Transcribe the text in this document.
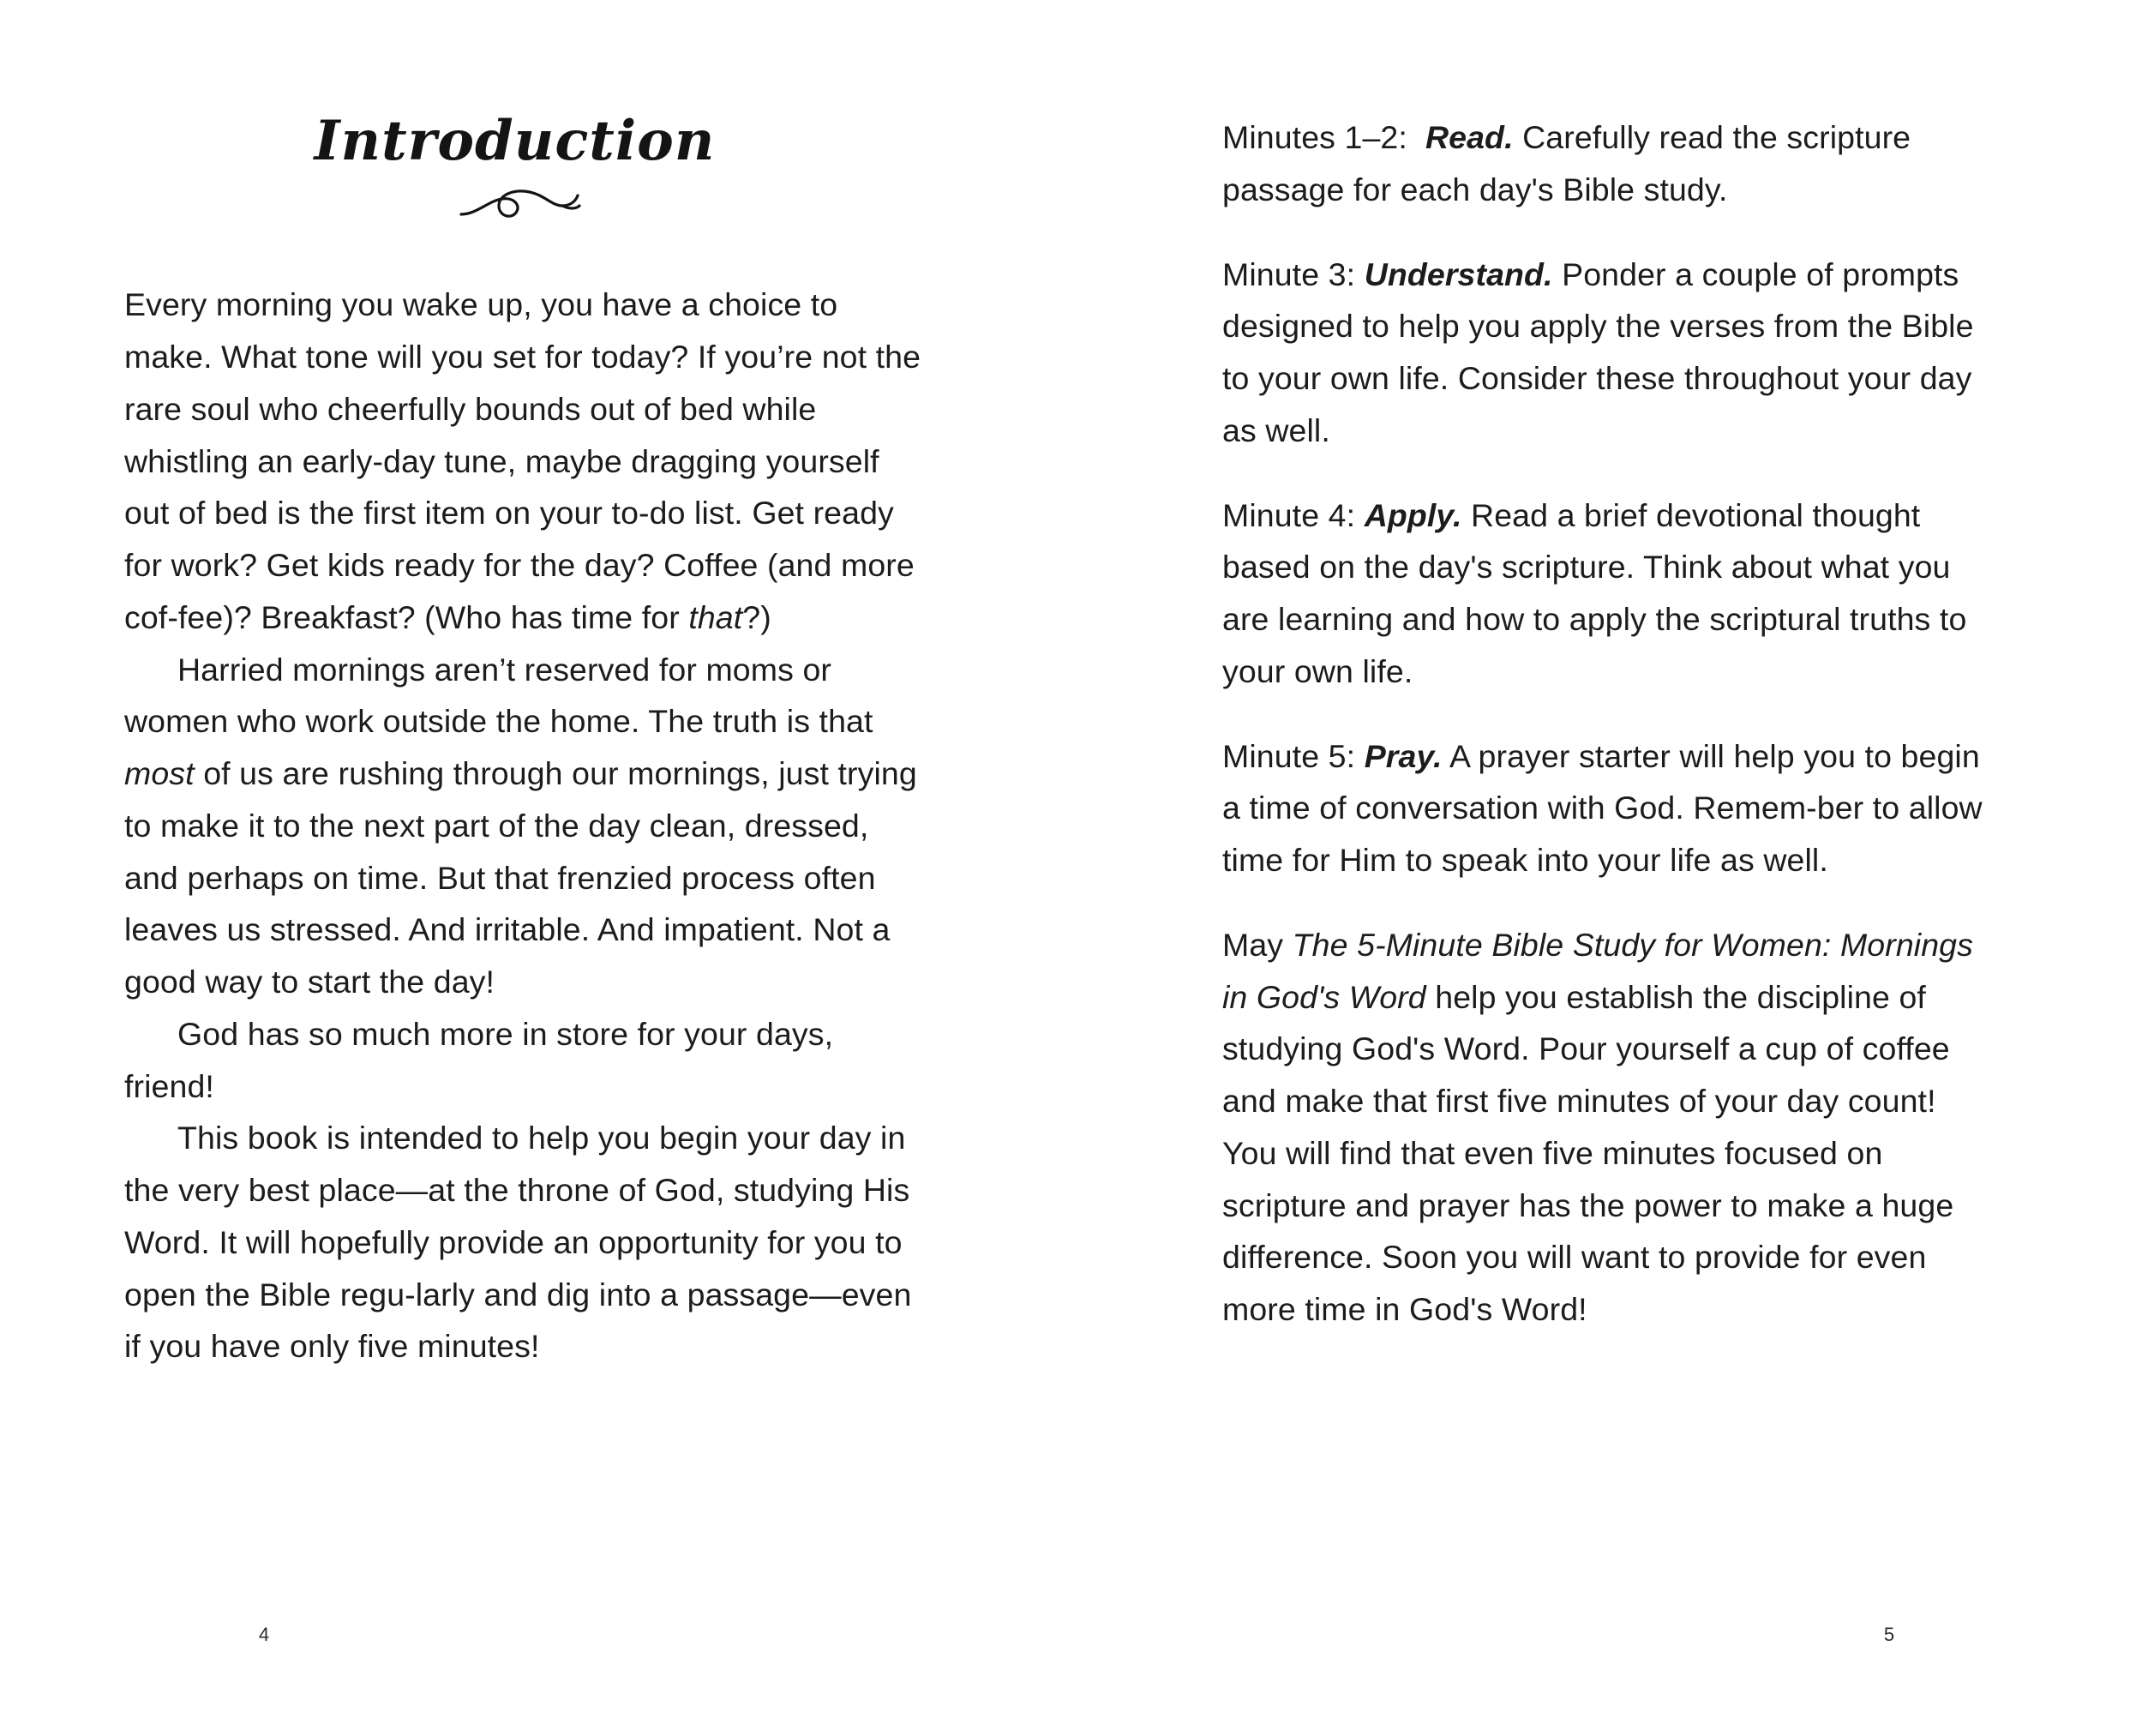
Introduction

Every morning you wake up, you have a choice to make. What tone will you set for today? If you’re not the rare soul who cheerfully bounds out of bed while whistling an early-day tune, maybe dragging yourself out of bed is the first item on your to-do list. Get ready for work? Get kids ready for the day? Coffee (and more cof-fee)? Breakfast? (Who has time for that?)

Harried mornings aren’t reserved for moms or women who work outside the home. The truth is that most of us are rushing through our mornings, just trying to make it to the next part of the day clean, dressed, and perhaps on time. But that frenzied process often leaves us stressed. And irritable. And impatient. Not a good way to start the day!

God has so much more in store for your days, friend!

This book is intended to help you begin your day in the very best place—at the throne of God, studying His Word. It will hopefully provide an opportunity for you to open the Bible regu-larly and dig into a passage—even if you have only five minutes!

4

Minutes 1–2: Read. Carefully read the scripture passage for each day's Bible study.

Minute 3: Understand. Ponder a couple of prompts designed to help you apply the verses from the Bible to your own life. Consider these throughout your day as well.

Minute 4: Apply. Read a brief devotional thought based on the day's scripture. Think about what you are learning and how to apply the scriptural truths to your own life.

Minute 5: Pray. A prayer starter will help you to begin a time of conversation with God. Remem-ber to allow time for Him to speak into your life as well.

May The 5-Minute Bible Study for Women: Mornings in God's Word help you establish the discipline of studying God's Word. Pour yourself a cup of coffee and make that first five minutes of your day count! You will find that even five minutes focused on scripture and prayer has the power to make a huge difference. Soon you will want to provide for even more time in God's Word!

5
